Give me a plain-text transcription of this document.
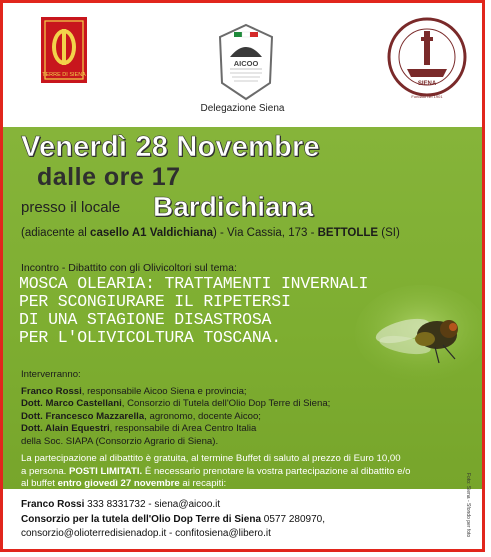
TERRE DI SIENA
AICOO
SIENA
Fondato nel 1901
Delegazione Siena
Venerdì 28 Novembre
dalle ore 17
presso il locale Bardichiana
(adiacente al casello A1 Valdichiana) - Via Cassia, 173 - BETTOLLE (SI)
Incontro - Dibattito con gli Olivicoltori sul tema:
MOSCA OLEARIA: TRATTAMENTI INVERNALI
PER SCONGIURARE IL RIPETERSI
DI UNA STAGIONE DISASTROSA
PER L'OLIVICOLTURA TOSCANA.
Interverranno:
Franco Rossi, responsabile Aicoo Siena e provincia;
Dott. Marco Castellani, Consorzio di Tutela dell'Olio Dop Terre di Siena;
Dott. Francesco Mazzarella, agronomo, docente Aicoo;
Dott. Alain Equestri, responsabile di Area Centro Italia
della Soc. SIAPA (Consorzio Agrario di Siena).
La partecipazione al dibattito è gratuita, al termine Buffet di saluto al prezzo di Euro 10,00
a persona. POSTI LIMITATI. È necessario prenotare la vostra partecipazione al dibattito e/o
al buffet entro giovedì 27 novembre ai recapiti:
Franco Rossi 333 8331732 - siena@aicoo.it
Consorzio per la tutela dell'Olio Dop Terre di Siena 0577 280970,
consorzio@olioterredisienadop.it - confitosiena@libero.it	Foto: Siena - Sfondo per foto
